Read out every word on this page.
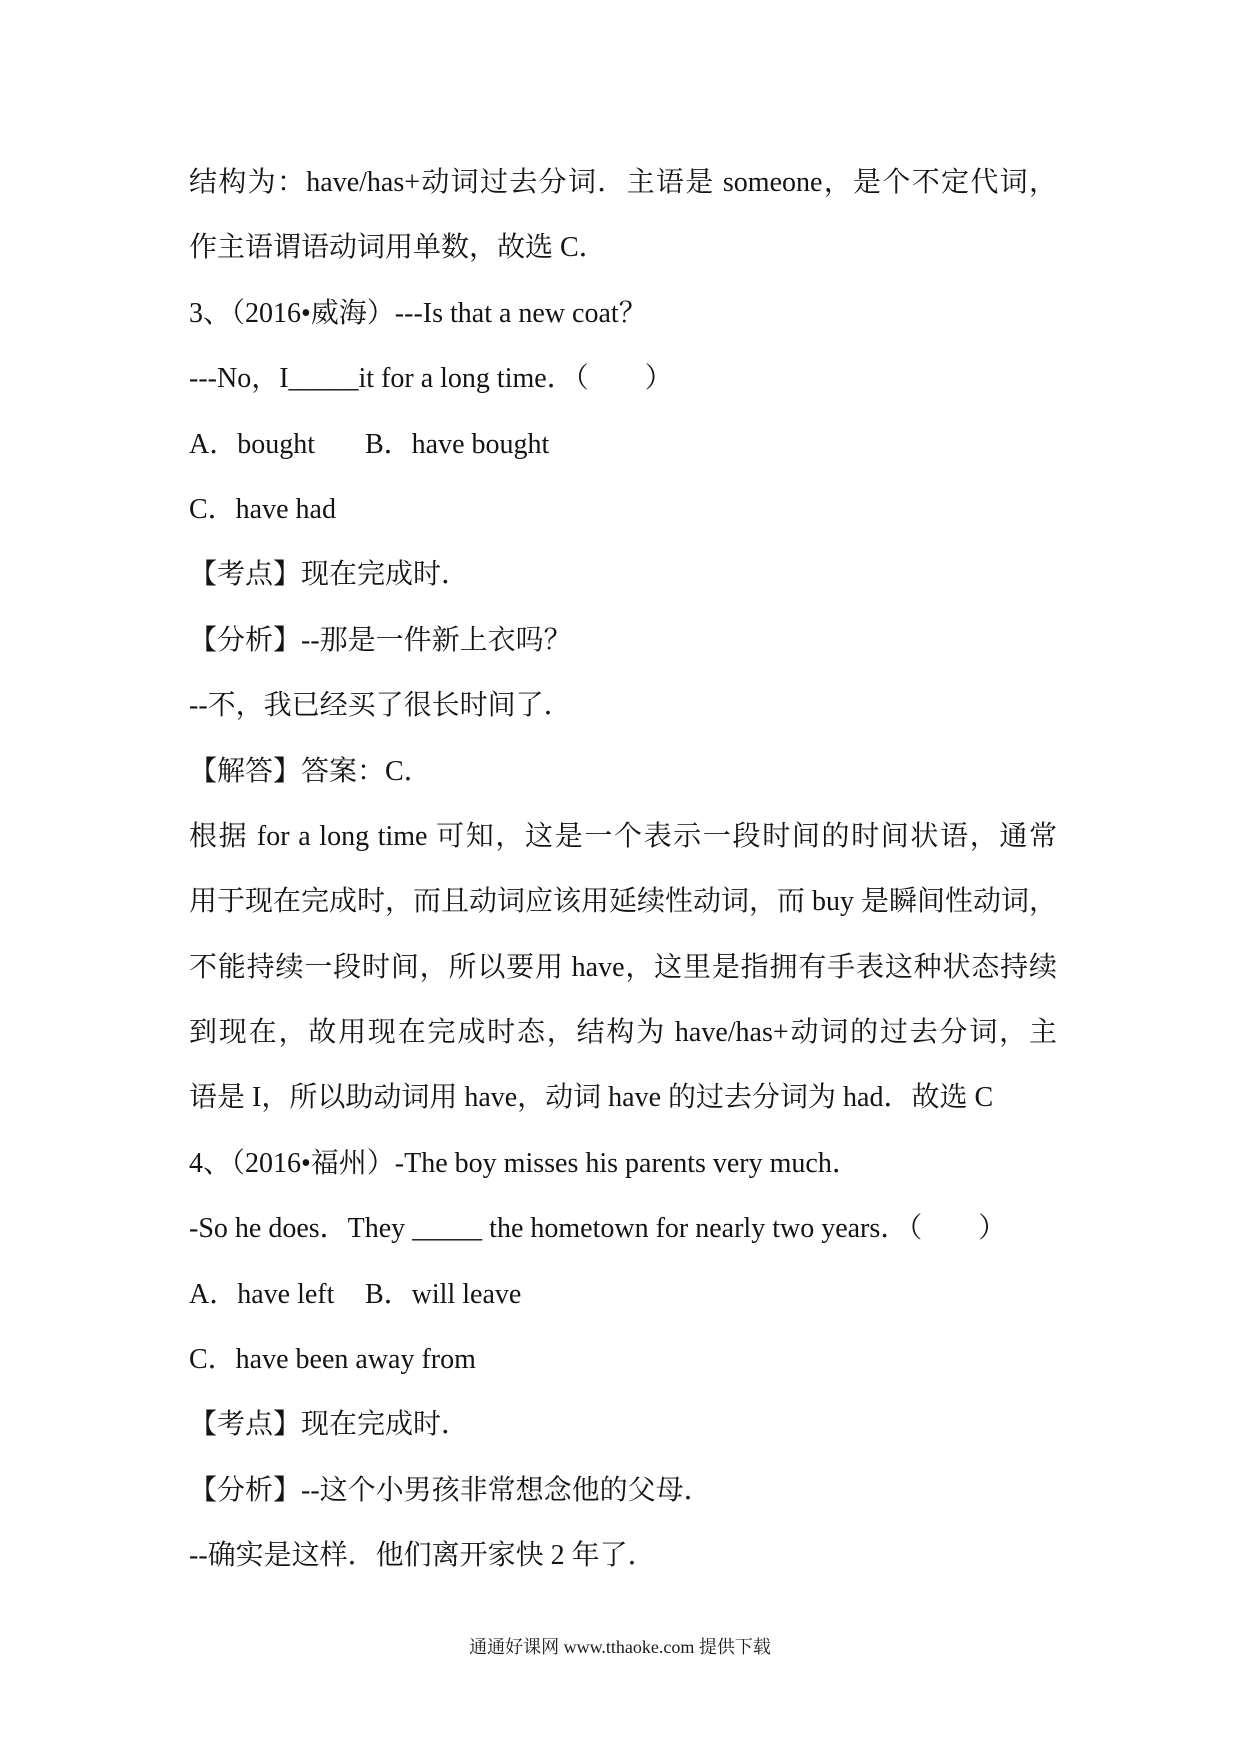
结构为：have/has+动词过去分词．主语是 someone，是个不定代词，
作主语谓语动词用单数，故选 C．
3、（2016•威海）---Is that a new coat？
---No，I_____it for a long time．（　　）
A．bought B．have bought
C．have had
【考点】现在完成时．
【分析】--那是一件新上衣吗？
--不，我已经买了很长时间了．
【解答】答案：C．
根据 for a long time 可知，这是一个表示一段时间的时间状语，通常
用于现在完成时，而且动词应该用延续性动词，而 buy 是瞬间性动词，
不能持续一段时间，所以要用 have，这里是指拥有手表这种状态持续
到现在，故用现在完成时态，结构为 have/has+动词的过去分词，主
语是 I，所以助动词用 have，动词 have 的过去分词为 had．故选 C
4、（2016•福州）-The boy misses his parents very much．
-So he does．They _____ the hometown for nearly two years．（　　）
A．have left B．will leave
C．have been away from
【考点】现在完成时．
【分析】--这个小男孩非常想念他的父母．
--确实是这样．他们离开家快 2 年了．
通通好课网 www.tthaoke.com 提供下载
